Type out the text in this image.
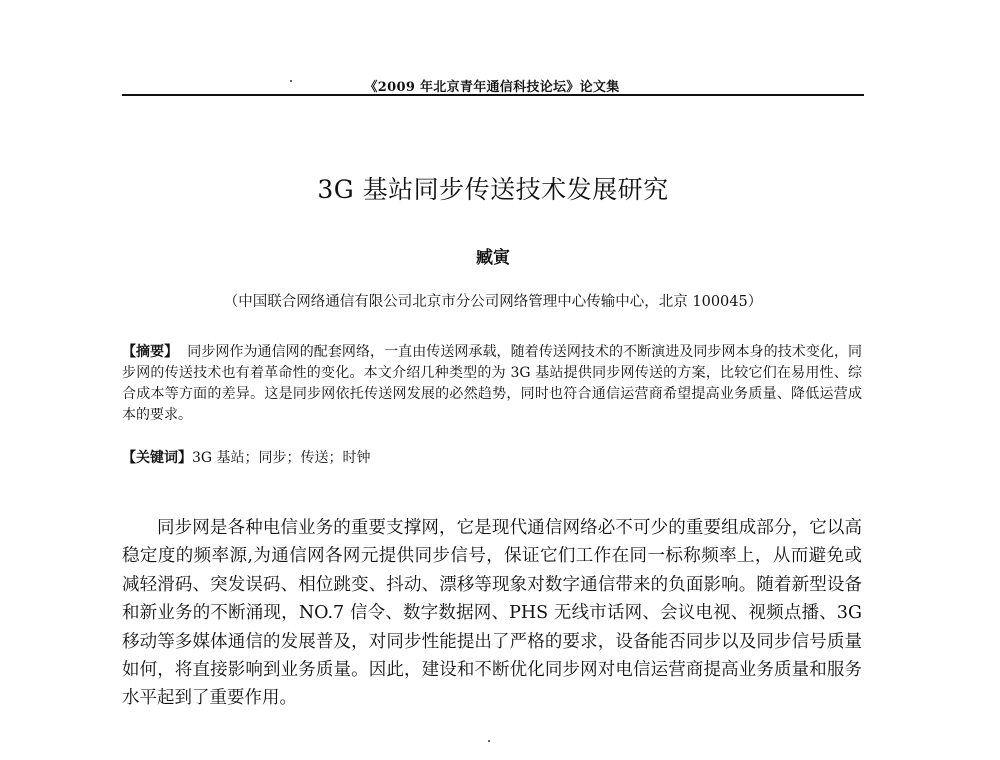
《2009 年北京青年通信科技论坛》论文集
3G 基站同步传送技术发展研究
臧寅
（中国联合网络通信有限公司北京市分公司网络管理中心传输中心，北京 100045）
【摘要】 同步网作为通信网的配套网络，一直由传送网承载，随着传送网技术的不断演进及同步网本身的技术变化，同步网的传送技术也有着革命性的变化。本文介绍几种类型的为 3G 基站提供同步网传送的方案，比较它们在易用性、综合成本等方面的差异。这是同步网依托传送网发展的必然趋势，同时也符合通信运营商希望提高业务质量、降低运营成本的要求。
【关键词】3G 基站；同步；传送；时钟

同步网是各种电信业务的重要支撑网，它是现代通信网络必不可少的重要组成部分，它以高稳定度的频率源,为通信网各网元提供同步信号，保证它们工作在同一标称频率上，从而避免或减轻滑码、突发误码、相位跳变、抖动、漂移等现象对数字通信带来的负面影响。随着新型设备和新业务的不断涌现，NO.7 信令、数字数据网、PHS 无线市话网、会议电视、视频点播、3G 移动等多媒体通信的发展普及，对同步性能提出了严格的要求，设备能否同步以及同步信号质量如何，将直接影响到业务质量。因此，建设和不断优化同步网对电信运营商提高业务质量和服务水平起到了重要作用。
